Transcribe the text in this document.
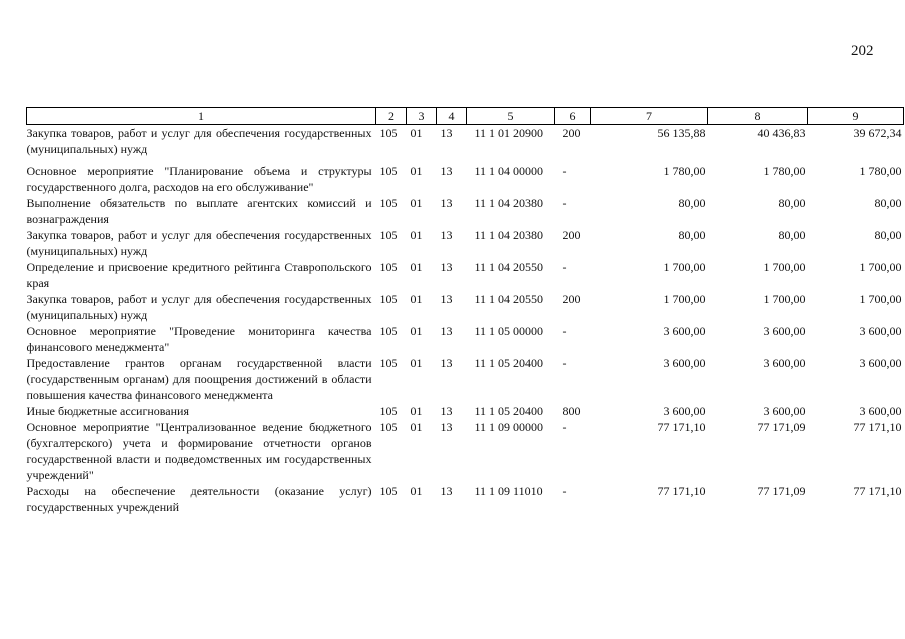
202
1	2	3	4	5	6	7	8	9
Закупка товаров, работ и услуг для обеспечения государственных (муниципальных) нужд	105	01	13	11 1 01 20900	200	56 135,88	40 436,83	39 672,34
Основное мероприятие "Планирование объема и структуры государственного долга, расходов на его обслуживание"	105	01	13	11 1 04 00000	-	1 780,00	1 780,00	1 780,00
Выполнение обязательств по выплате агентских комиссий и вознаграждения	105	01	13	11 1 04 20380	-	80,00	80,00	80,00
Закупка товаров, работ и услуг для обеспечения государственных (муниципальных) нужд	105	01	13	11 1 04 20380	200	80,00	80,00	80,00
Определение и присвоение кредитного рейтинга Ставропольского края	105	01	13	11 1 04 20550	-	1 700,00	1 700,00	1 700,00
Закупка товаров, работ и услуг для обеспечения государственных (муниципальных) нужд	105	01	13	11 1 04 20550	200	1 700,00	1 700,00	1 700,00
Основное мероприятие "Проведение мониторинга качества финансового менеджмента"	105	01	13	11 1 05 00000	-	3 600,00	3 600,00	3 600,00
Предоставление грантов органам государственной власти (государственным органам) для поощрения достижений в области повышения качества финансового менеджмента	105	01	13	11 1 05 20400	-	3 600,00	3 600,00	3 600,00
Иные бюджетные ассигнования	105	01	13	11 1 05 20400	800	3 600,00	3 600,00	3 600,00
Основное мероприятие "Централизованное ведение бюджетного (бухгалтерского) учета и формирование отчетности органов государственной власти и подведомственных им государственных учреждений"	105	01	13	11 1 09 00000	-	77 171,10	77 171,09	77 171,10
Расходы на обеспечение деятельности (оказание услуг) государственных учреждений	105	01	13	11 1 09 11010	-	77 171,10	77 171,09	77 171,10
